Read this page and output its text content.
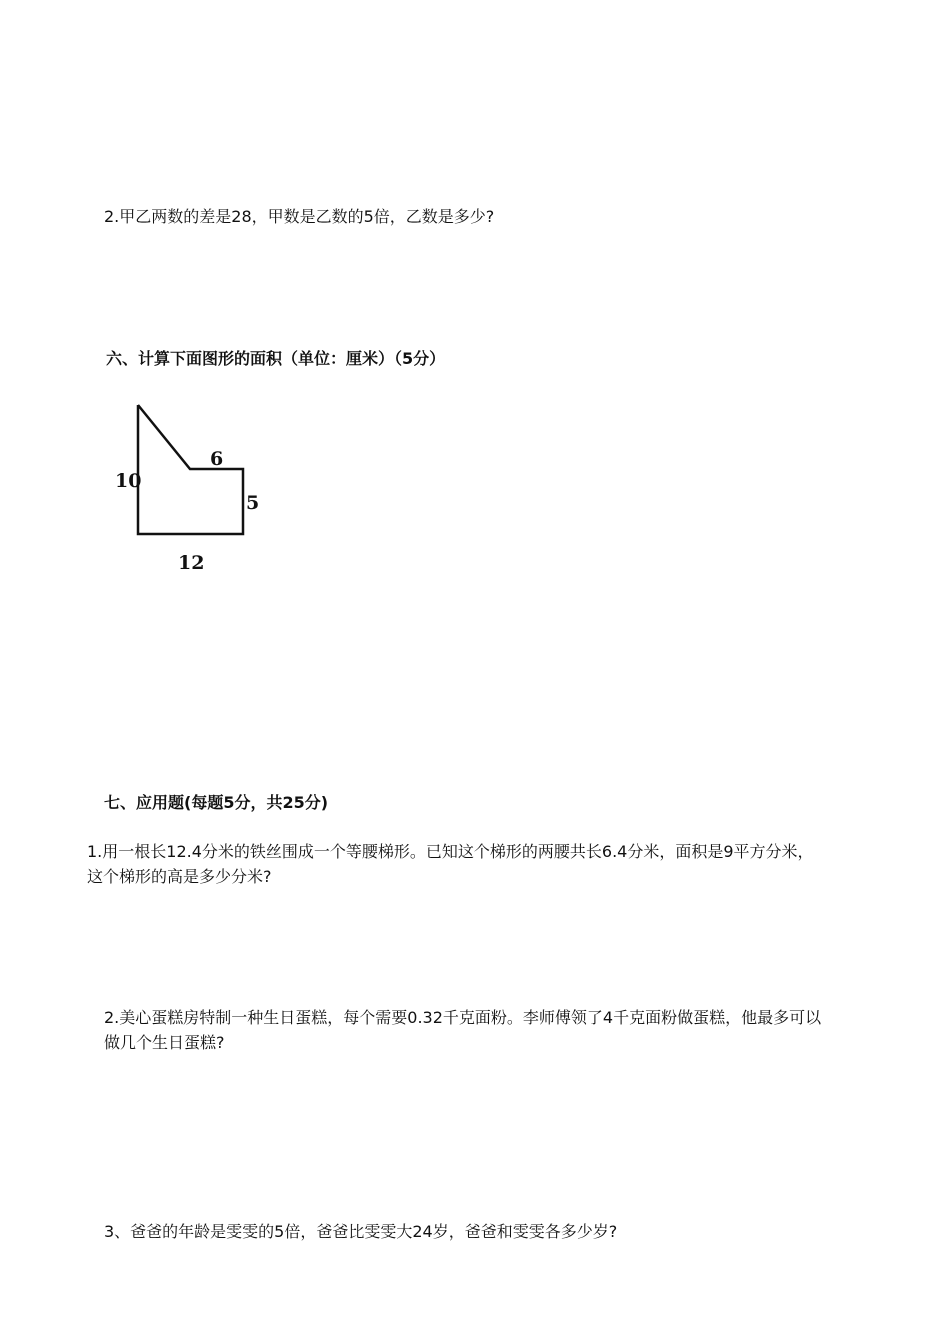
2.甲乙两数的差是28，甲数是乙数的5倍，乙数是多少?
六、计算下面图形的面积（单位：厘米）（5分）
10
6
5
12
七、应用题(每题5分，共25分)
1.用一根长12.4分米的铁丝围成一个等腰梯形。已知这个梯形的两腰共长6.4分米，面积是9平方分米，
这个梯形的高是多少分米?
2.美心蛋糕房特制一种生日蛋糕，每个需要0.32千克面粉。李师傅领了4千克面粉做蛋糕，他最多可以
做几个生日蛋糕?
3、爸爸的年龄是雯雯的5倍，爸爸比雯雯大24岁，爸爸和雯雯各多少岁?
